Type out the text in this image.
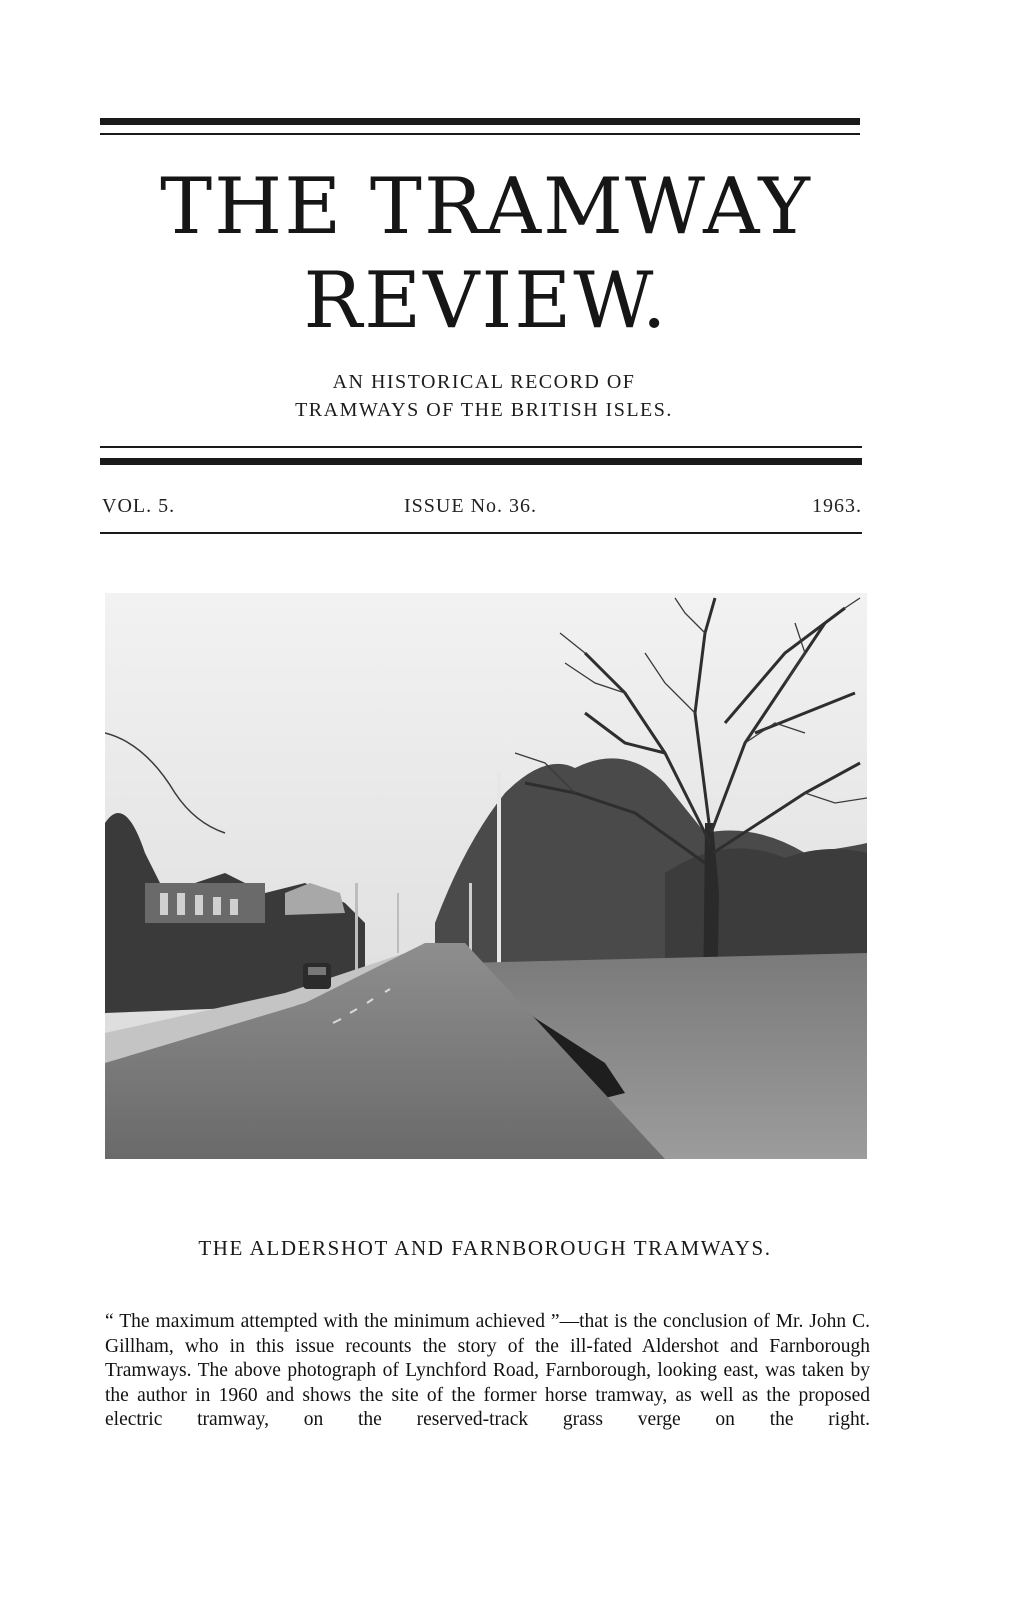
THE TRAMWAY
REVIEW.
AN HISTORICAL RECORD OF
TRAMWAYS OF THE BRITISH ISLES.
VOL. 5.	ISSUE No. 36.	1963.
THE ALDERSHOT AND FARNBOROUGH TRAMWAYS.

“ The maximum attempted with the minimum achieved ”—that is the conclusion of Mr. John C. Gillham, who in this issue recounts the story of the ill-fated Aldershot and Farnborough Tramways. The above photograph of Lynchford Road, Farnborough, looking east, was taken by the author in 1960 and shows the site of the former horse tramway, as well as the proposed electric tramway, on the reserved-track grass verge on the right.
